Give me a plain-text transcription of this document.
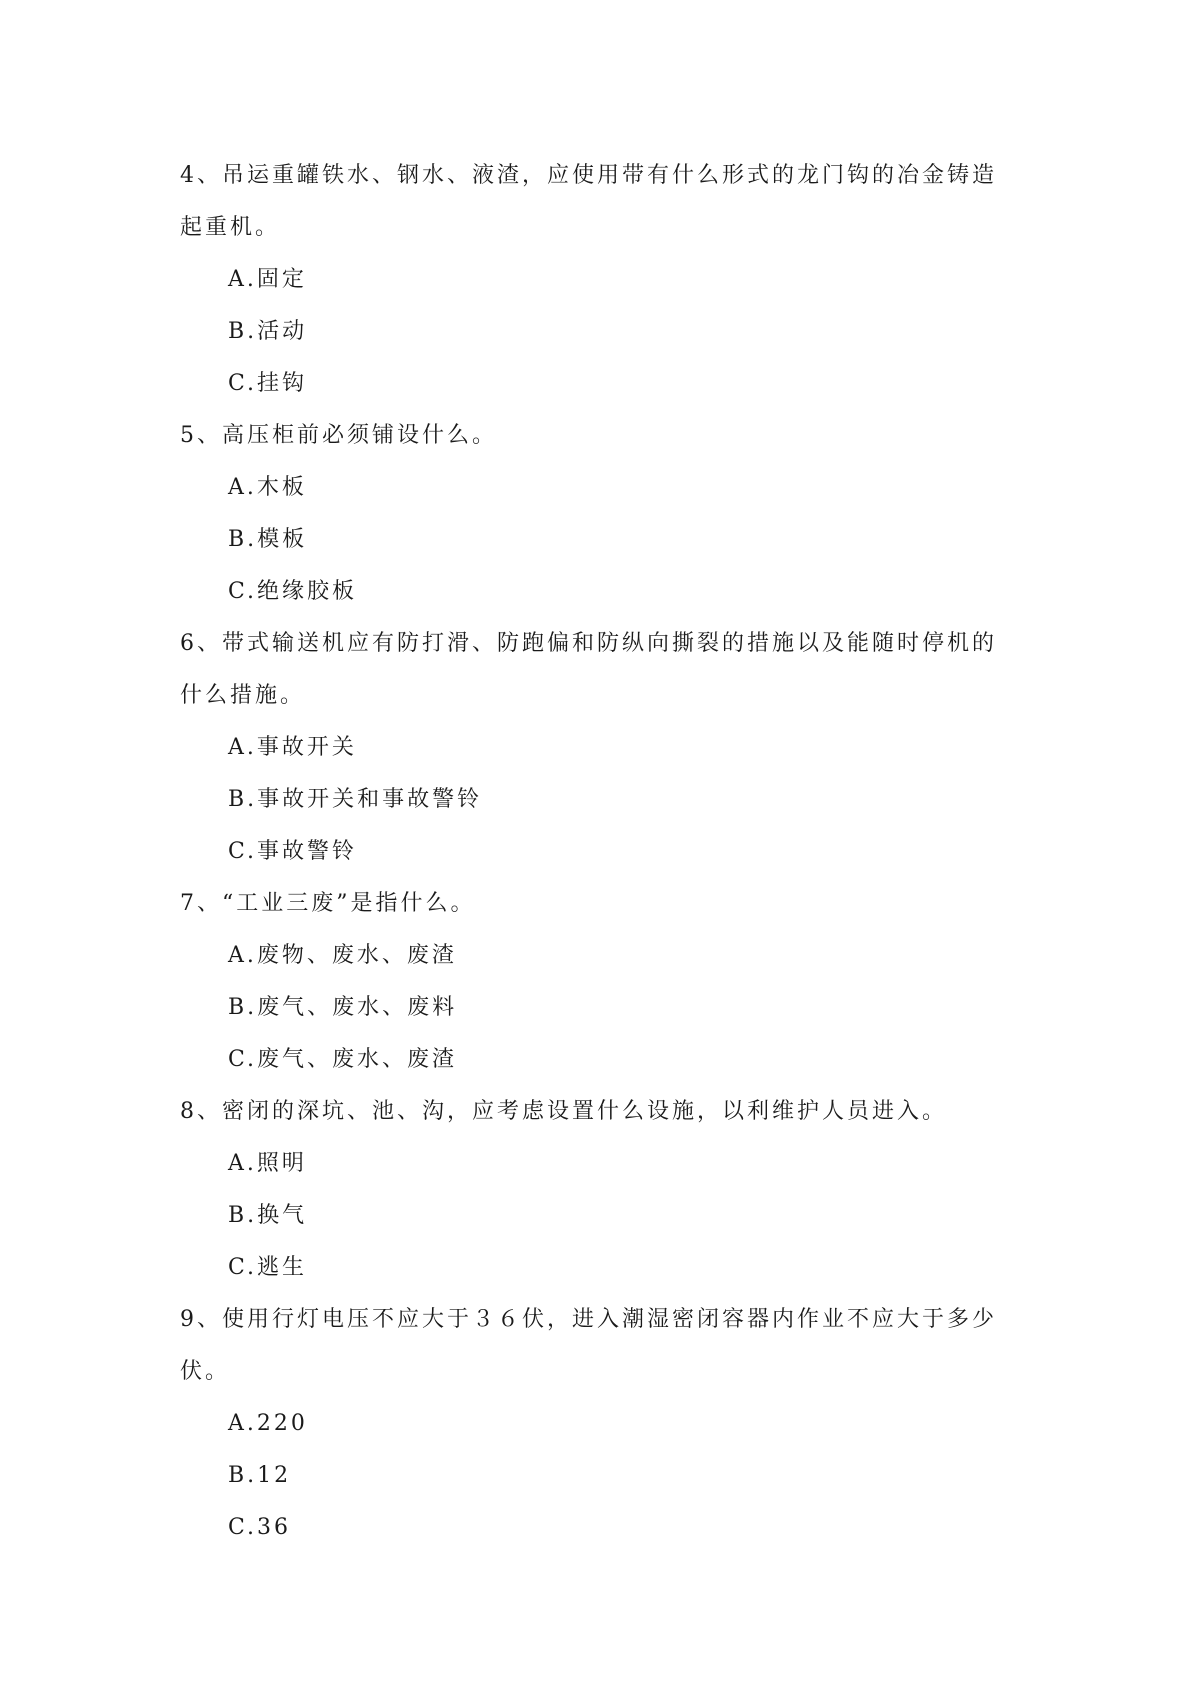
4、吊运重罐铁水、钢水、液渣，应使用带有什么形式的龙门钩的冶金铸造起重机。

A.固定

B.活动

C.挂钩

5、高压柜前必须铺设什么。

A.木板

B.模板

C.绝缘胶板

6、带式输送机应有防打滑、防跑偏和防纵向撕裂的措施以及能随时停机的什么措施。

A.事故开关

B.事故开关和事故警铃

C.事故警铃

7、“工业三废”是指什么。

A.废物、废水、废渣

B.废气、废水、废料

C.废气、废水、废渣

8、密闭的深坑、池、沟，应考虑设置什么设施，以利维护人员进入。

A.照明

B.换气

C.逃生

9、使用行灯电压不应大于３６伏，进入潮湿密闭容器内作业不应大于多少伏。

A.220

B.12

C.36
